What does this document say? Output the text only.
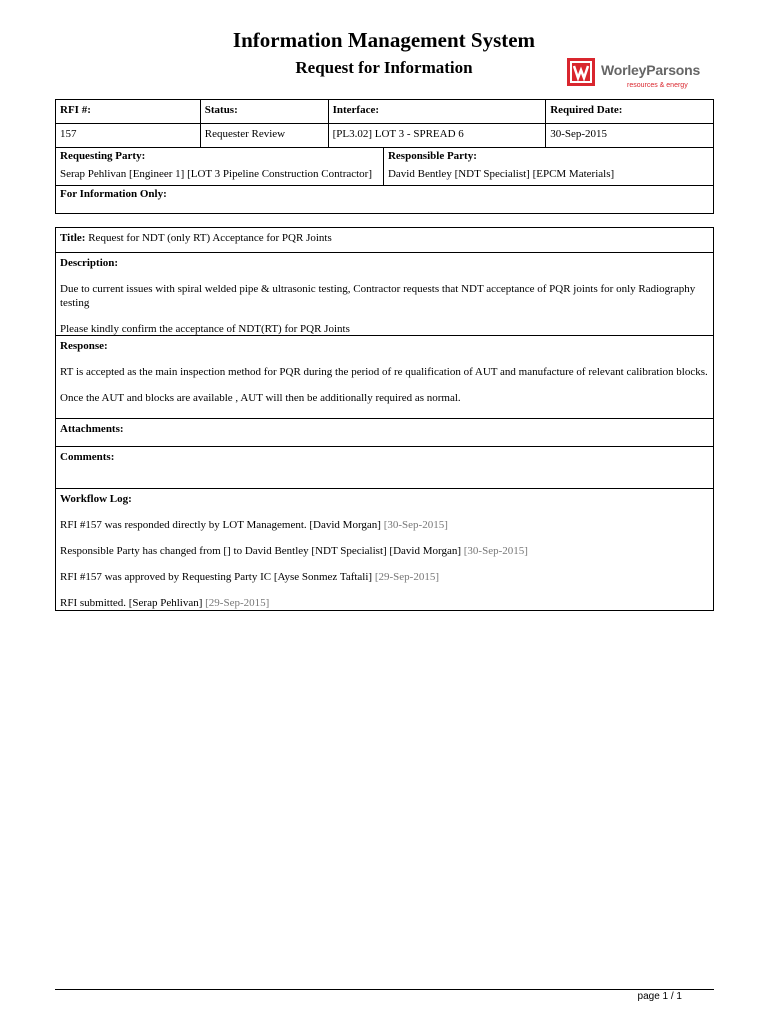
Information Management System
Request for Information	WorleyParsons
resources & energy
RFI #:	Status:	Interface:	Required Date:
157	Requester Review	[PL3.02] LOT 3 - SPREAD 6	30-Sep-2015
Requesting Party:
Serap Pehlivan [Engineer 1] [LOT 3 Pipeline Construction Contractor]

Responsible Party:
David Bentley [NDT Specialist] [EPCM Materials]

For Information Only:
Title: Request for NDT (only RT) Acceptance for PQR Joints

Description:

Due to current issues with spiral welded pipe & ultrasonic testing, Contractor requests that NDT acceptance of PQR joints for only Radiography testing

Please kindly confirm the acceptance of NDT(RT) for PQR Joints

Response:

RT is accepted as the main inspection method for PQR during the period of re qualification of AUT and manufacture of relevant calibration blocks.

Once the AUT and blocks are available , AUT will then be additionally required as normal.

Attachments:

Comments:

Workflow Log:

RFI #157 was responded directly by LOT Management. [David Morgan] [30-Sep-2015]

Responsible Party has changed from [] to David Bentley [NDT Specialist] [David Morgan] [30-Sep-2015]

RFI #157 was approved by Requesting Party IC [Ayse Sonmez Taftali] [29-Sep-2015]

RFI submitted. [Serap Pehlivan] [29-Sep-2015]

page 1 / 1
